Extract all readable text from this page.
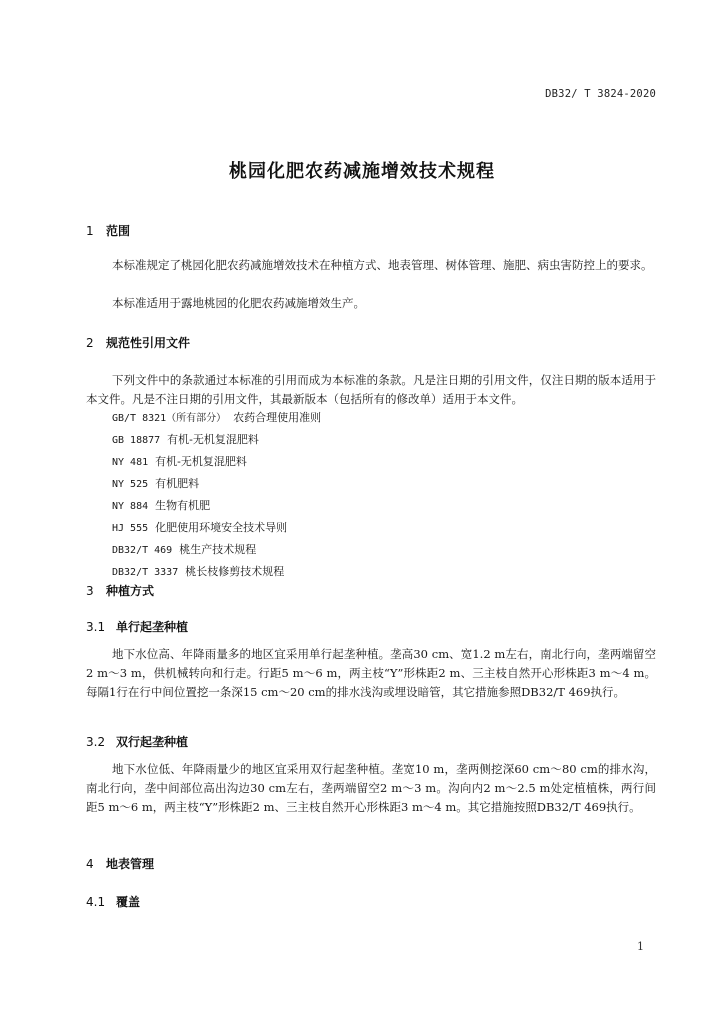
DB32/ T 3824-2020
桃园化肥农药减施增效技术规程
1 范围

本标准规定了桃园化肥农药减施增效技术在种植方式、地表管理、树体管理、施肥、病虫害防控上的要求。

本标准适用于露地桃园的化肥农药减施增效生产。

2 规范性引用文件

下列文件中的条款通过本标准的引用而成为本标准的条款。凡是注日期的引用文件，仅注日期的版本适用于本文件。凡是不注日期的引用文件，其最新版本（包括所有的修改单）适用于本文件。

GB/T 8321（所有部分） 农药合理使用准则
GB 18877 有机-无机复混肥料
NY 481 有机-无机复混肥料
NY 525 有机肥料
NY 884 生物有机肥
HJ 555 化肥使用环境安全技术导则
DB32/T 469 桃生产技术规程
DB32/T 3337 桃长枝修剪技术规程
3 种植方式
3.1 单行起垄种植

地下水位高、年降雨量多的地区宜采用单行起垄种植。垄高30 cm、宽1.2 m左右，南北行向，垄两端留空2 m～3 m，供机械转向和行走。行距5 m～6 m，两主枝“Y”形株距2 m、三主枝自然开心形株距3 m～4 m。每隔1行在行中间位置挖一条深15 cm～20 cm的排水浅沟或埋设暗管，其它措施参照DB32/T 469执行。

3.2 双行起垄种植

地下水位低、年降雨量少的地区宜采用双行起垄种植。垄宽10 m，垄两侧挖深60 cm～80 cm的排水沟，南北行向，垄中间部位高出沟边30 cm左右，垄两端留空2 m～3 m。沟向内2 m～2.5 m处定植植株，两行间距5 m～6 m，两主枝“Y”形株距2 m、三主枝自然开心形株距3 m～4 m。其它措施按照DB32/T 469执行。

4 地表管理
4.1 覆盖
1
